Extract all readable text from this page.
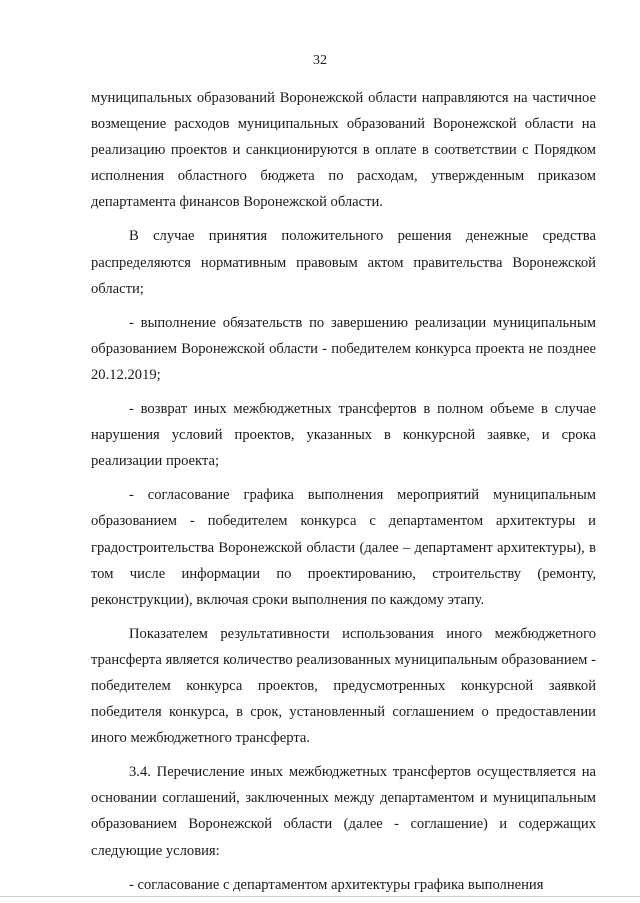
32

муниципальных образований Воронежской области направляются на частичное возмещение расходов муниципальных образований Воронежской области на реализацию проектов и санкционируются в оплате в соответствии с Порядком исполнения областного бюджета по расходам, утвержденным приказом департамента финансов Воронежской области.

В случае принятия положительного решения денежные средства распределяются нормативным правовым актом правительства Воронежской области;

- выполнение обязательств по завершению реализации муниципальным образованием Воронежской области - победителем конкурса проекта не позднее 20.12.2019;

- возврат иных межбюджетных трансфертов в полном объеме в случае нарушения условий проектов, указанных в конкурсной заявке, и срока реализации проекта;

- согласование графика выполнения мероприятий муниципальным образованием - победителем конкурса с департаментом архитектуры и градостроительства Воронежской области (далее – департамент архитектуры), в том числе информации по проектированию, строительству (ремонту, реконструкции), включая сроки выполнения по каждому этапу.

Показателем результативности использования иного межбюджетного трансферта является количество реализованных муниципальным образованием - победителем конкурса проектов, предусмотренных конкурсной заявкой победителя конкурса, в срок, установленный соглашением о предоставлении иного межбюджетного трансферта.

3.4. Перечисление иных межбюджетных трансфертов осуществляется на основании соглашений, заключенных между департаментом и муниципальным образованием Воронежской области (далее - соглашение) и содержащих следующие условия:

- согласование с департаментом архитектуры графика выполнения
